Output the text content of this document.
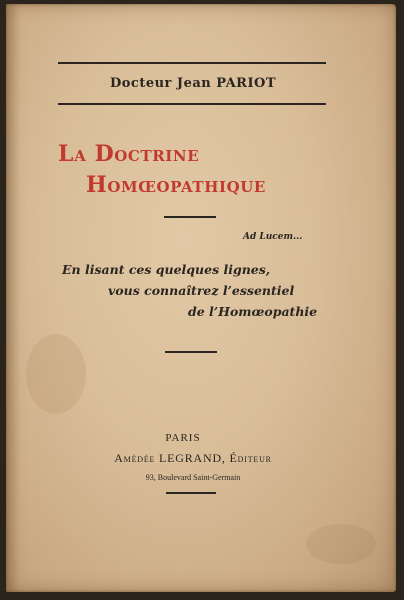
Docteur Jean PARIOT
La Doctrine
Homœopathique
Ad Lucem...
En lisant ces quelques lignes,
vous connaîtrez l’essentiel
de l’Homœopathie
PARIS
Amédée LEGRAND, Éditeur
93, Boulevard Saint-Germain
